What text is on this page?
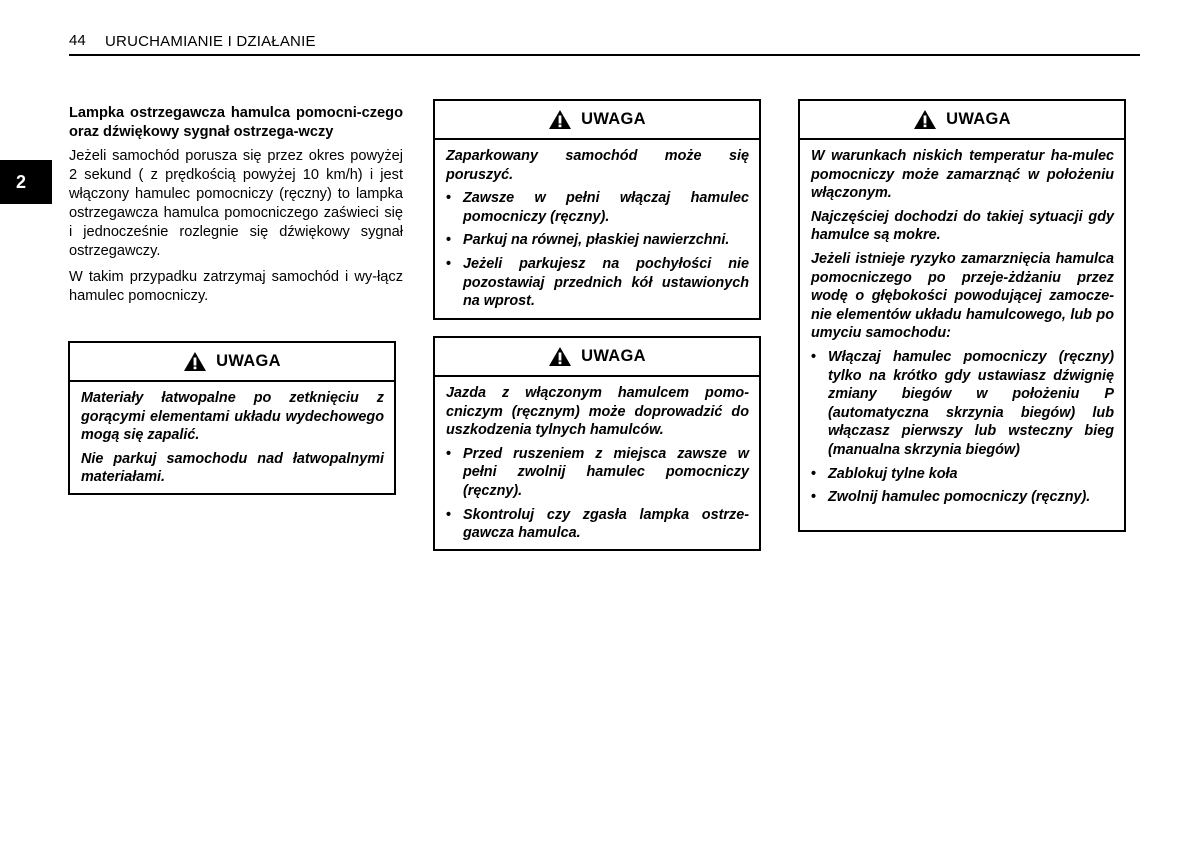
44 URUCHAMIANIE I DZIAŁANIE
2
Lampka ostrzegawcza hamulca pomocni-czego oraz dźwiękowy sygnał ostrzega-wczy

Jeżeli samochód porusza się przez okres powyżej 2 sekund ( z prędkością powyżej 10 km/h) i jest włączony hamulec pomocniczy (ręczny) to lampka ostrzegawcza hamulca pomocniczego zaświeci się i jednocześnie rozlegnie się dźwiękowy sygnał ostrzegawczy.

W takim przypadku zatrzymaj samochód i wy-łącz hamulec pomocniczy.

UWAGA

Materiały łatwopalne po zetknięciu z gorącymi elementami układu wydechowego mogą się zapalić.

Nie parkuj samochodu nad łatwopalnymi materiałami.

UWAGA

Zaparkowany samochód może się poruszyć.

• Zawsze w pełni włączaj hamulec pomocniczy (ręczny).
• Parkuj na równej, płaskiej nawierzchni.
• Jeżeli parkujesz na pochyłości nie pozostawiaj przednich kół ustawionych na wprost.
UWAGA

Jazda z włączonym hamulcem pomo-cniczym (ręcznym) może doprowadzić do uszkodzenia tylnych hamulców.

• Przed ruszeniem z miejsca zawsze w pełni zwolnij hamulec pomocniczy (ręczny).
• Skontroluj czy zgasła lampka ostrze-gawcza hamulca.
UWAGA

W warunkach niskich temperatur ha-mulec pomocniczy może zamarznąć w położeniu włączonym.

Najczęściej dochodzi do takiej sytuacji gdy hamulce są mokre.

Jeżeli istnieje ryzyko zamarznięcia hamulca pomocniczego po przeje-żdżaniu przez wodę o głębokości powodującej zamocze-nie elementów układu hamulcowego, lub po umyciu samochodu:

• Włączaj hamulec pomocniczy (ręczny) tylko na krótko gdy ustawiasz dźwignię zmiany biegów w położeniu P (automatyczna skrzynia biegów) lub włączasz pierwszy lub wsteczny bieg (manualna skrzynia biegów)
• Zablokuj tylne koła
• Zwolnij hamulec pomocniczy (ręczny).
